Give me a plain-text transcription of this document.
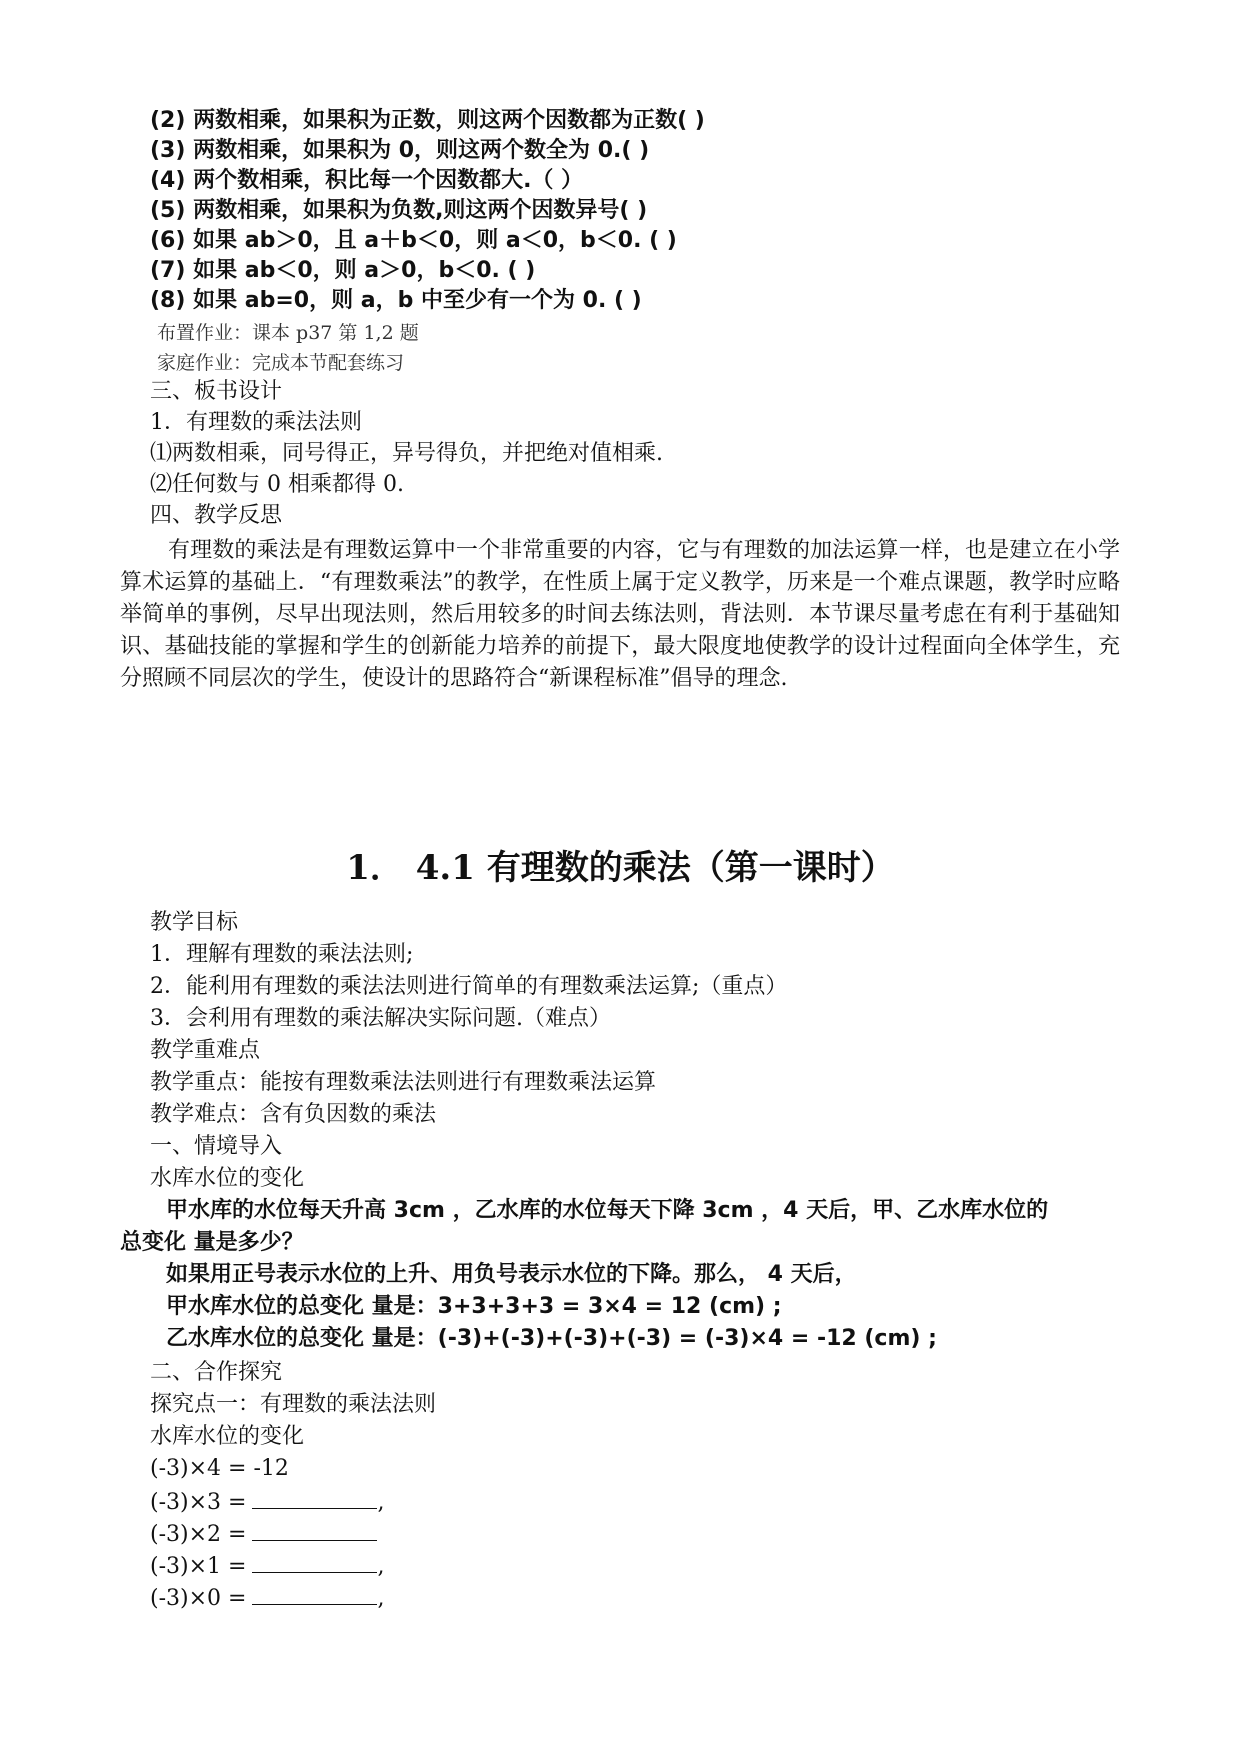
(2) 两数相乘，如果积为正数，则这两个因数都为正数( )
(3) 两数相乘，如果积为 0，则这两个数全为 0.( )
(4) 两个数相乘，积比每一个因数都大.（ ）
(5) 两数相乘，如果积为负数,则这两个因数异号( )
(6) 如果 ab＞0，且 a＋b＜0，则 a＜0，b＜0. ( )
(7) 如果 ab＜0，则 a＞0，b＜0. ( )
(8) 如果 ab=0，则 a，b 中至少有一个为 0. ( )
布置作业：课本 p37 第 1,2 题
家庭作业：完成本节配套练习
三、板书设计
1．有理数的乘法法则
⑴两数相乘，同号得正，异号得负，并把绝对值相乘.
⑵任何数与 0 相乘都得 0.
四、教学反思
有理数的乘法是有理数运算中一个非常重要的内容，它与有理数的加法运算一样，也是建立在小学算术运算的基础上．“有理数乘法”的教学，在性质上属于定义教学，历来是一个难点课题，教学时应略举简单的事例，尽早出现法则，然后用较多的时间去练法则，背法则．本节课尽量考虑在有利于基础知识、基础技能的掌握和学生的创新能力培养的前提下，最大限度地使教学的设计过程面向全体学生，充分照顾不同层次的学生，使设计的思路符合“新课程标准”倡导的理念.
1． 4.1 有理数的乘法（第一课时）
教学目标
1．理解有理数的乘法法则;
2．能利用有理数的乘法法则进行简单的有理数乘法运算;（重点）
3．会利用有理数的乘法解决实际问题.（难点）
教学重难点
教学重点：能按有理数乘法法则进行有理数乘法运算
教学难点：含有负因数的乘法
一、情境导入
水库水位的变化
甲水库的水位每天升高 3cm ，乙水库的水位每天下降 3cm ，4 天后，甲、乙水库水位的
总变化 量是多少？
如果用正号表示水位的上升、用负号表示水位的下降。那么， 4 天后，
甲水库水位的总变化 量是：3+3+3+3 = 3×4 = 12 (cm) ;
乙水库水位的总变化 量是：(-3)+(-3)+(-3)+(-3) = (-3)×4 = -12 (cm) ;
二、合作探究
探究点一：有理数的乘法法则
水库水位的变化
(-3)×4 = -12
(-3)×3 =	,
(-3)×2 =
(-3)×1 =	,
(-3)×0 =	,
